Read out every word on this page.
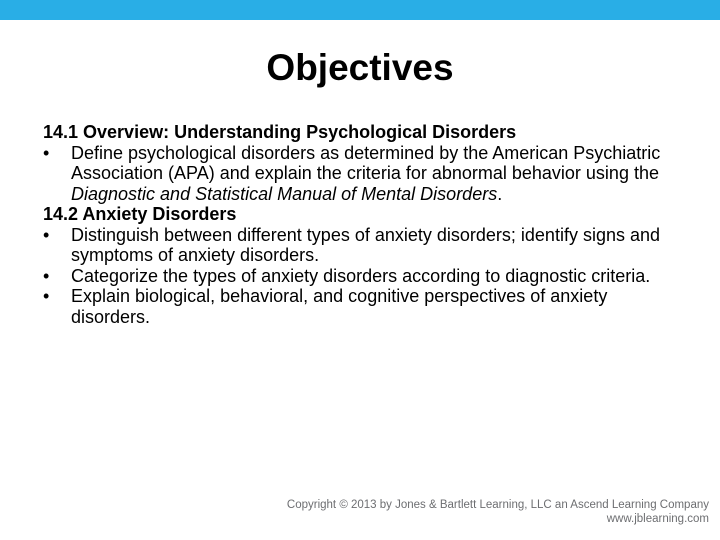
Objectives
14.1 Overview: Understanding Psychological Disorders
• Define psychological disorders as determined by the American Psychiatric Association (APA) and explain the criteria for abnormal behavior using the Diagnostic and Statistical Manual of Mental Disorders.
14.2 Anxiety Disorders
• Distinguish between different types of anxiety disorders; identify signs and symptoms of anxiety disorders.
• Categorize the types of anxiety disorders according to diagnostic criteria.
• Explain biological, behavioral, and cognitive perspectives of anxiety disorders.
Copyright © 2013 by Jones & Bartlett Learning, LLC an Ascend Learning Company
www.jblearning.com
